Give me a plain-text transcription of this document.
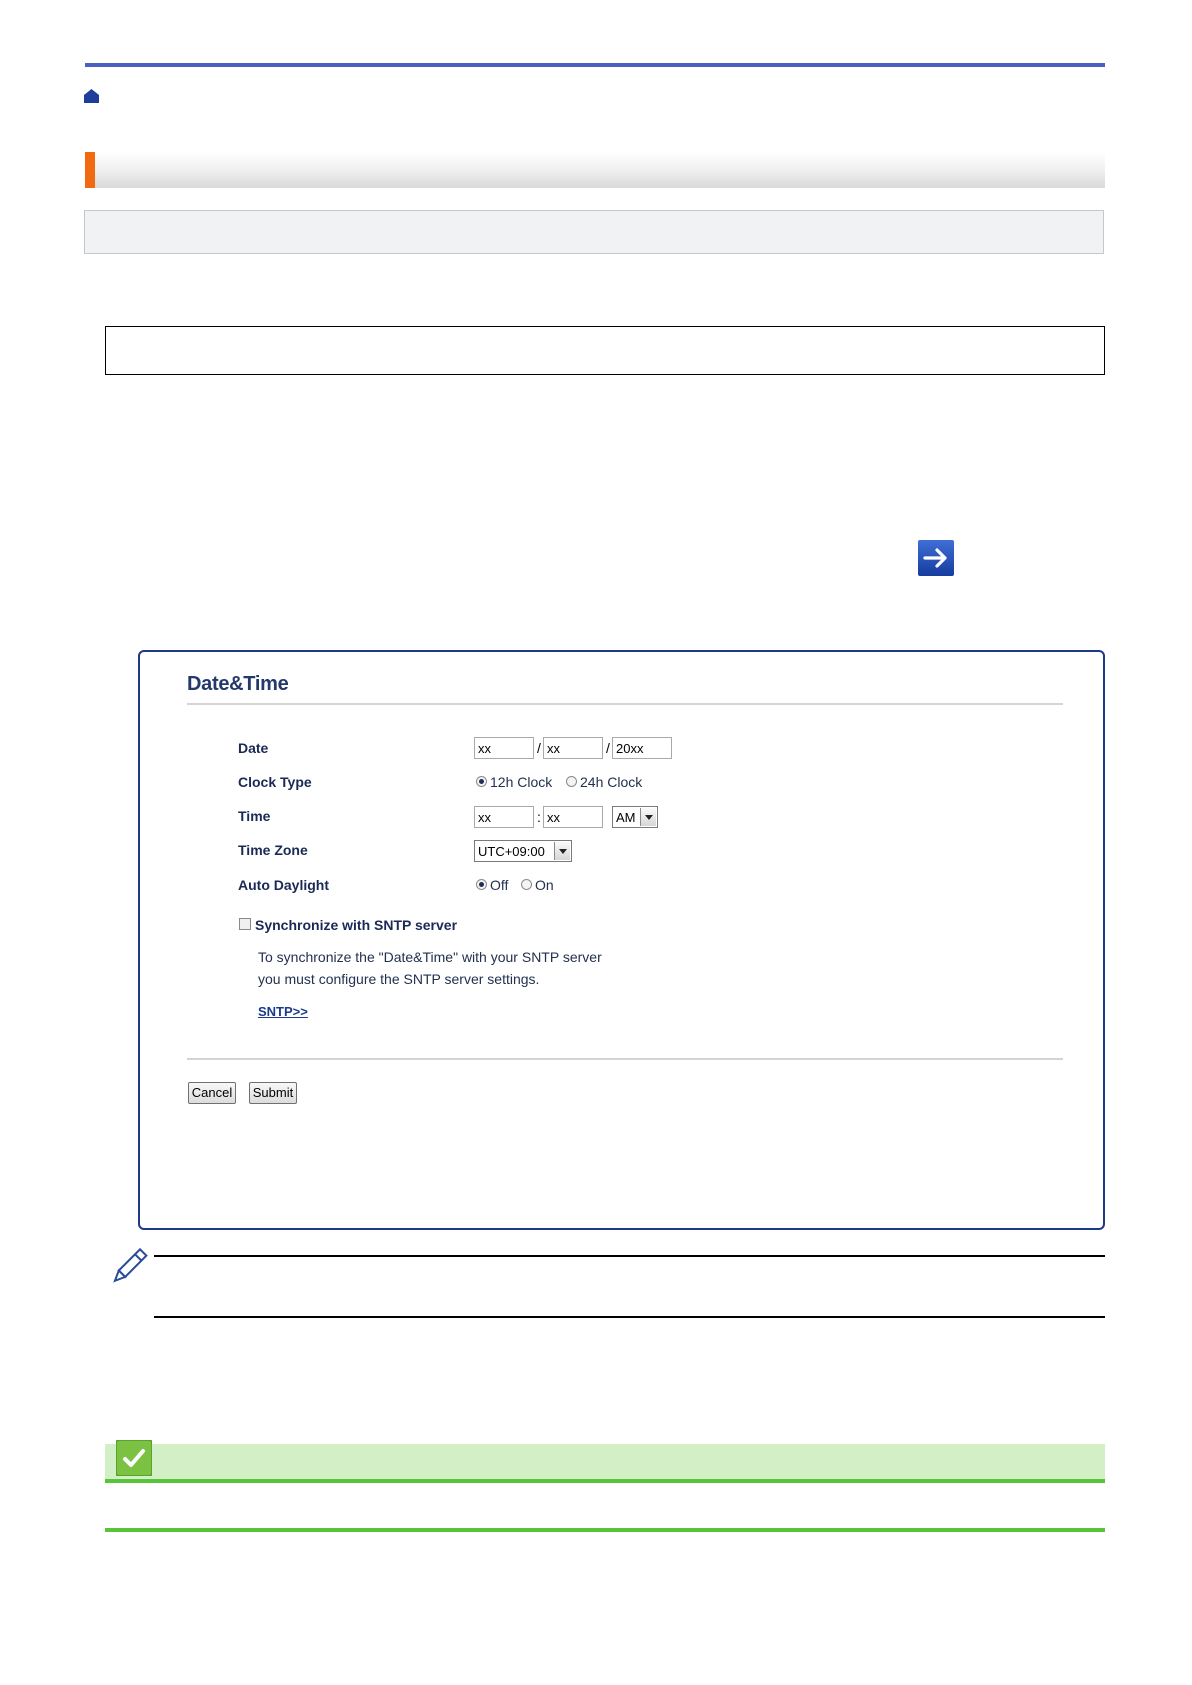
Date&Time
Date	xx	/ xx	/ 20xx
Clock Type	12h Clock 24h Clock
Time	xx	: xx	AM
Time Zone	UTC+09:00
Auto Daylight	Off On
Synchronize with SNTP server
To synchronize the "Date&Time" with your SNTP server
you must configure the SNTP server settings.
SNTP>>
Cancel Submit
